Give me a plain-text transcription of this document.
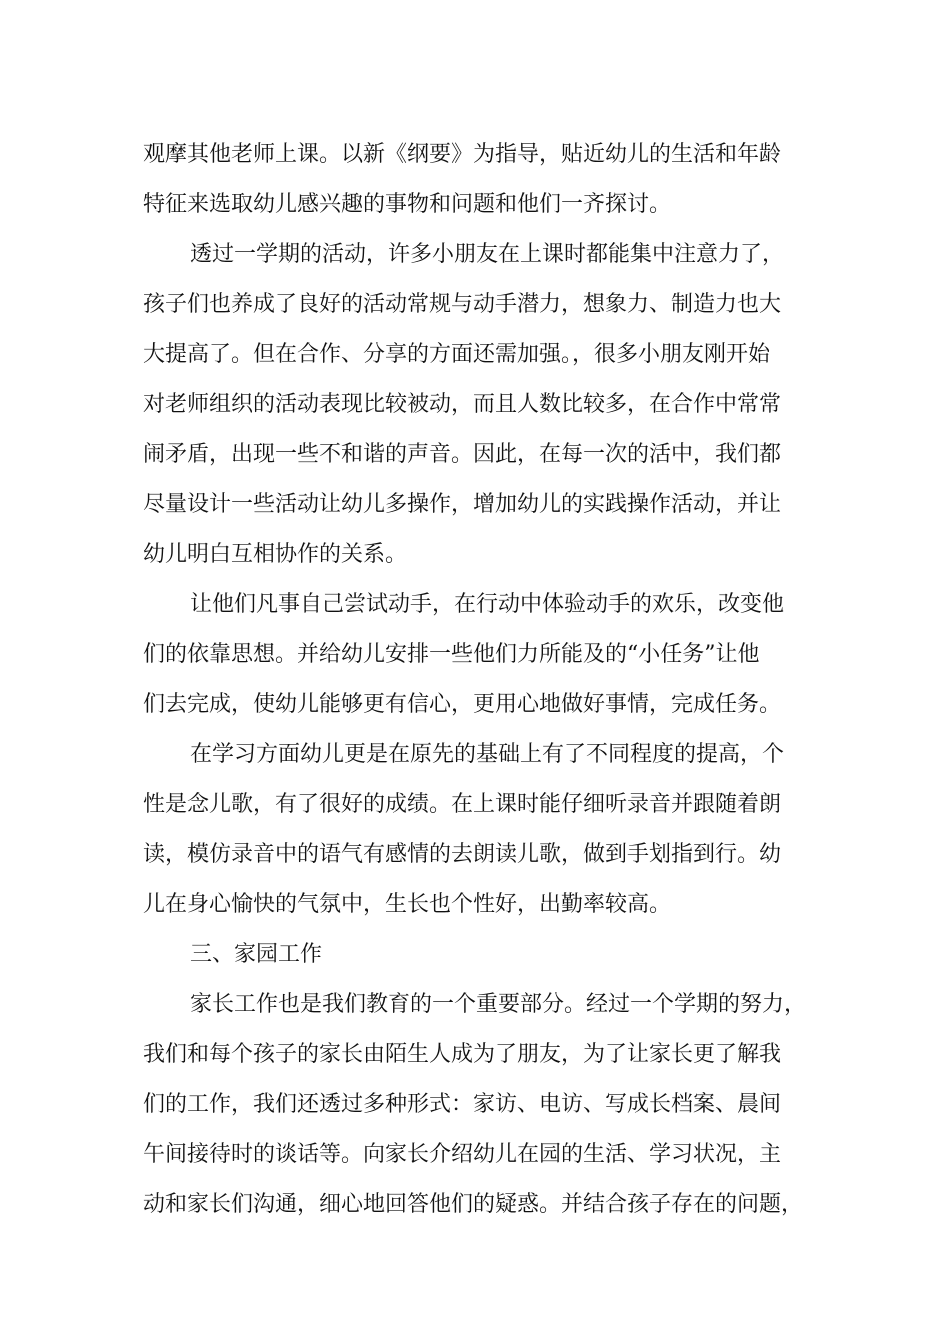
观摩其他老师上课。以新《纲要》为指导，贴近幼儿的生活和年龄
特征来选取幼儿感兴趣的事物和问题和他们一齐探讨。
透过一学期的活动，许多小朋友在上课时都能集中注意力了，
孩子们也养成了良好的活动常规与动手潜力，想象力、制造力也大
大提高了。但在合作、分享的方面还需加强。，很多小朋友刚开始
对老师组织的活动表现比较被动，而且人数比较多，在合作中常常
闹矛盾，出现一些不和谐的声音。因此，在每一次的活中，我们都
尽量设计一些活动让幼儿多操作，增加幼儿的实践操作活动，并让
幼儿明白互相协作的关系。
让他们凡事自己尝试动手，在行动中体验动手的欢乐，改变他
们的依靠思想。并给幼儿安排一些他们力所能及的“小任务”让他
们去完成，使幼儿能够更有信心，更用心地做好事情，完成任务。
在学习方面幼儿更是在原先的基础上有了不同程度的提高，个
性是念儿歌，有了很好的成绩。在上课时能仔细听录音并跟随着朗
读，模仿录音中的语气有感情的去朗读儿歌，做到手划指到行。幼
儿在身心愉快的气氛中，生长也个性好，出勤率较高。
三、家园工作
家长工作也是我们教育的一个重要部分。经过一个学期的努力，
我们和每个孩子的家长由陌生人成为了朋友，为了让家长更了解我
们的工作，我们还透过多种形式：家访、电访、写成长档案、晨间
午间接待时的谈话等。向家长介绍幼儿在园的生活、学习状况，主
动和家长们沟通，细心地回答他们的疑惑。并结合孩子存在的问题，
